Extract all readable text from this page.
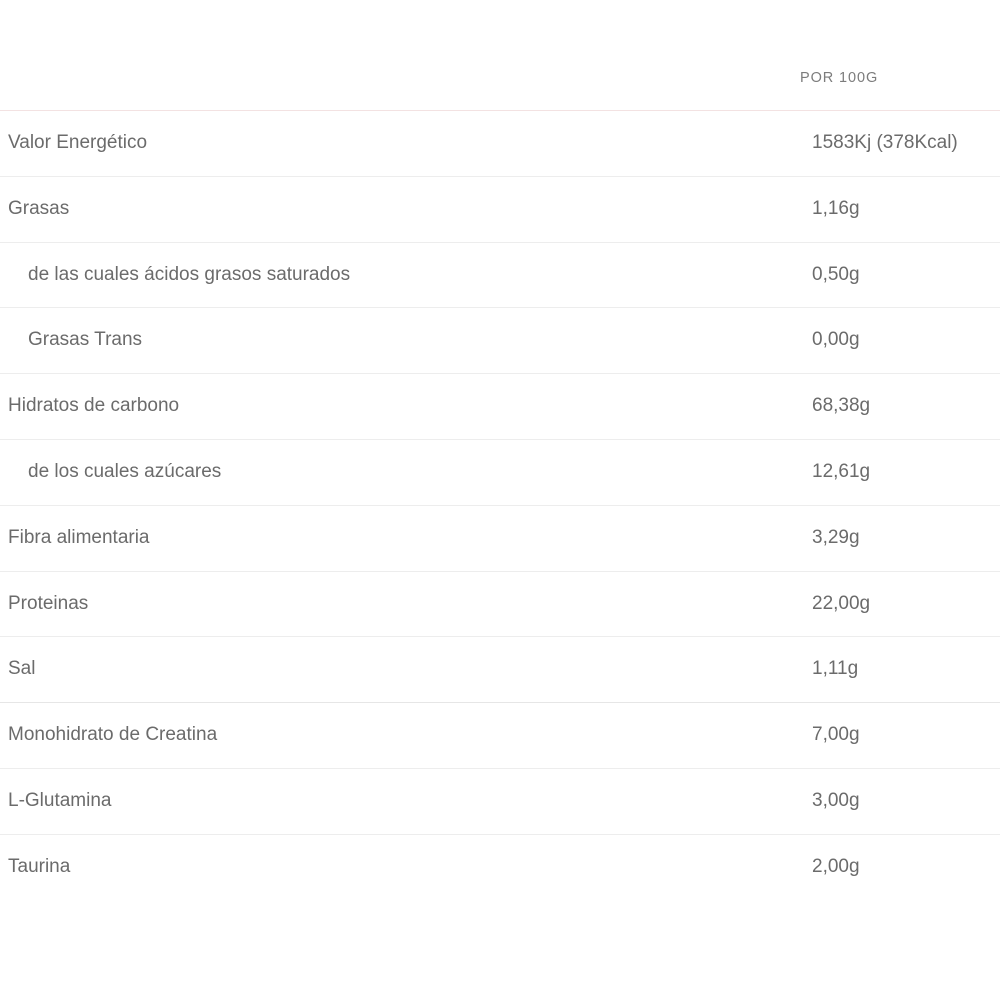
	POR 100G
Valor Energético	1583Kj (378Kcal)
Grasas	1,16g
de las cuales ácidos grasos saturados	0,50g
Grasas Trans	0,00g
Hidratos de carbono	68,38g
de los cuales azúcares	12,61g
Fibra alimentaria	3,29g
Proteinas	22,00g
Sal	1,11g
Monohidrato de Creatina	7,00g
L-Glutamina	3,00g
Taurina	2,00g
